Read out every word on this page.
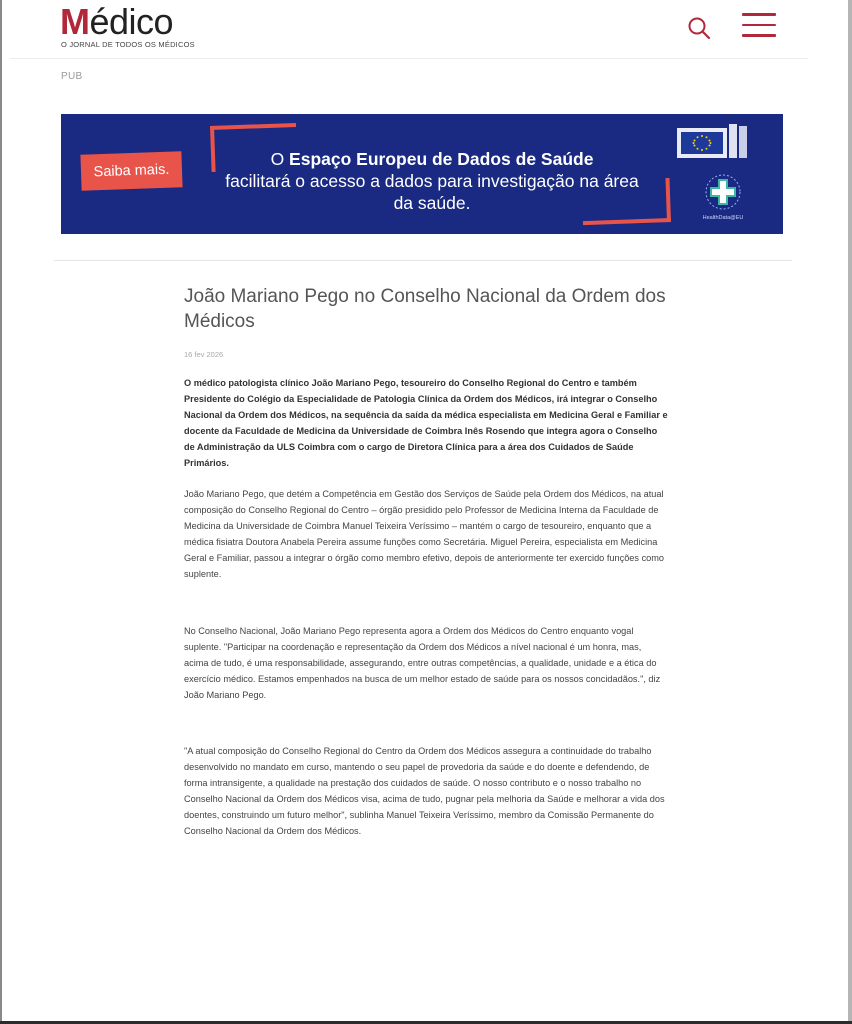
Médico
O JORNAL DE TODOS OS MÉDICOS
PUB
Saiba mais.
O Espaço Europeu de Dados de Saúde
facilitará o acesso a dados para investigação na área
da saúde.
HealthData@EU
João Mariano Pego no Conselho Nacional da Ordem dos Médicos
16 fev 2026

O médico patologista clínico João Mariano Pego, tesoureiro do Conselho Regional do Centro e também Presidente do Colégio da Especialidade de Patologia Clínica da Ordem dos Médicos, irá integrar o Conselho Nacional da Ordem dos Médicos, na sequência da saída da médica especialista em Medicina Geral e Familiar e docente da Faculdade de Medicina da Universidade de Coimbra Inês Rosendo que integra agora o Conselho de Administração da ULS Coimbra com o cargo de Diretora Clínica para a área dos Cuidados de Saúde Primários.

João Mariano Pego, que detém a Competência em Gestão dos Serviços de Saúde pela Ordem dos Médicos, na atual composição do Conselho Regional do Centro – órgão presidido pelo Professor de Medicina Interna da Faculdade de Medicina da Universidade de Coimbra Manuel Teixeira Veríssimo – mantém o cargo de tesoureiro, enquanto que a médica fisiatra Doutora Anabela Pereira assume funções como Secretária. Miguel Pereira, especialista em Medicina Geral e Familiar, passou a integrar o órgão como membro efetivo, depois de anteriormente ter exercido funções como suplente.

No Conselho Nacional, João Mariano Pego representa agora a Ordem dos Médicos do Centro enquanto vogal suplente. "Participar na coordenação e representação da Ordem dos Médicos a nível nacional é um honra, mas, acima de tudo, é uma responsabilidade, assegurando, entre outras competências, a qualidade, unidade e a ética do exercício médico. Estamos empenhados na busca de um melhor estado de saúde para os nossos concidadãos.", diz João Mariano Pego.

"A atual composição do Conselho Regional do Centro da Ordem dos Médicos assegura a continuidade do trabalho desenvolvido no mandato em curso, mantendo o seu papel de provedoria da saúde e do doente e defendendo, de forma intransigente, a qualidade na prestação dos cuidados de saúde. O nosso contributo e o nosso trabalho no Conselho Nacional da Ordem dos Médicos visa, acima de tudo, pugnar pela melhoria da Saúde e melhorar a vida dos doentes, construindo um futuro melhor", sublinha Manuel Teixeira Veríssimo, membro da Comissão Permanente do Conselho Nacional da Ordem dos Médicos.
